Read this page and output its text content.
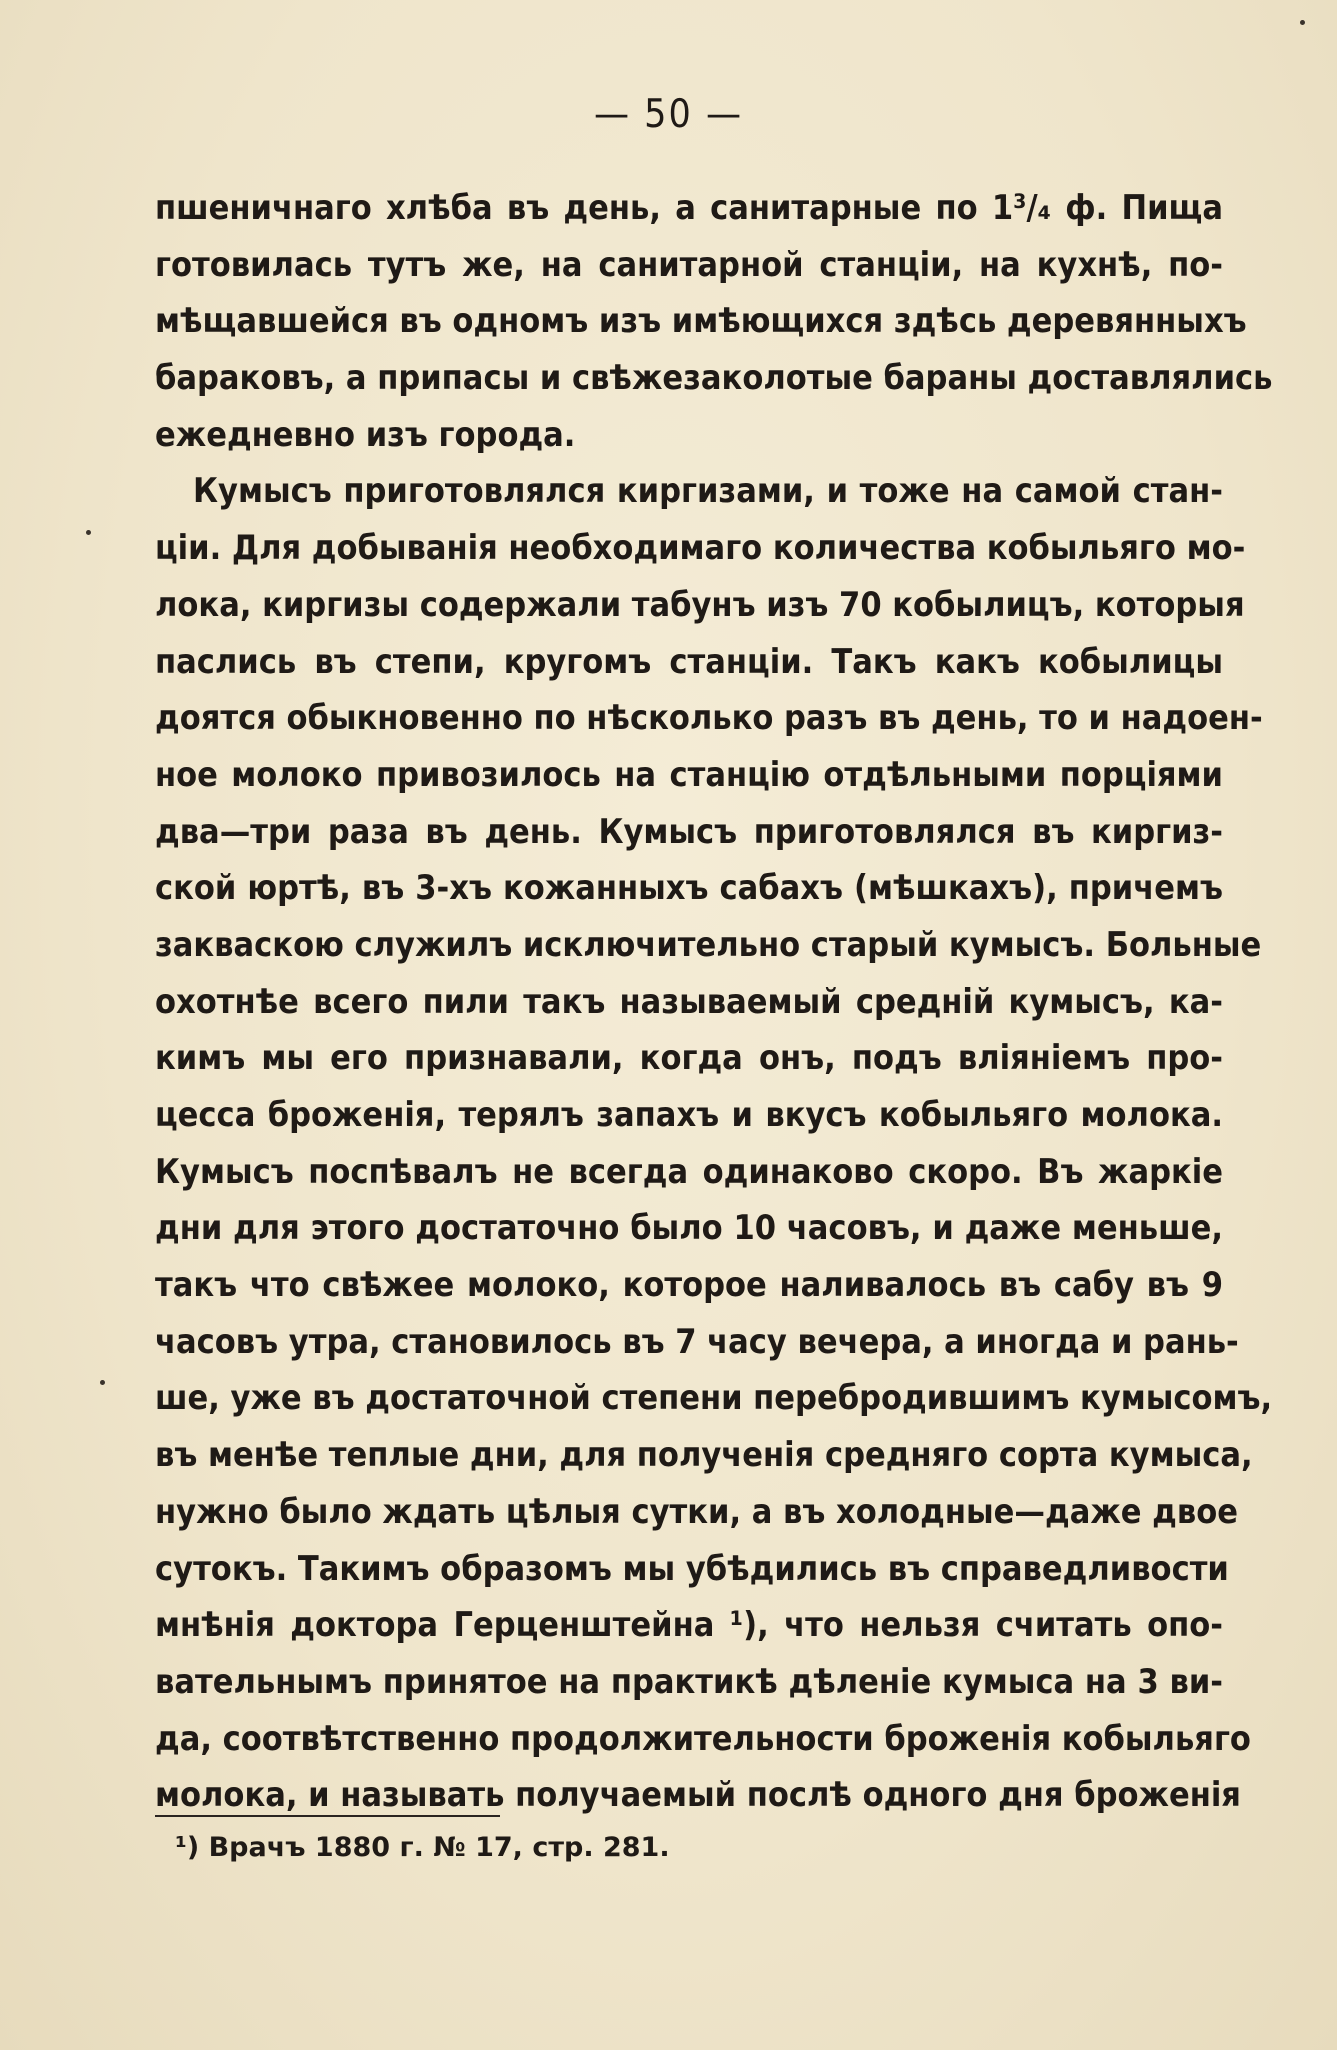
— 50 —
пшеничнаго хлѣба въ день, а санитарные по 1³/₄ ф. Пища
готовилась тутъ же, на санитарной станціи, на кухнѣ, по-
мѣщавшейся въ одномъ изъ имѣющихся здѣсь деревянныхъ
бараковъ, а припасы и свѣжезаколотые бараны доставлялись
ежедневно изъ города.
Кумысъ приготовлялся киргизами, и тоже на самой стан-
ціи. Для добыванія необходимаго количества кобыльяго мо-
лока, киргизы содержали табунъ изъ 70 кобылицъ, которыя
паслись въ степи, кругомъ станціи. Такъ какъ кобылицы
доятся обыкновенно по нѣсколько разъ въ день, то и надоен-
ное молоко привозилось на станцію отдѣльными порціями
два—три раза въ день. Кумысъ приготовлялся въ киргиз-
ской юртѣ, въ 3-хъ кожанныхъ сабахъ (мѣшкахъ), причемъ
закваскою служилъ исключительно старый кумысъ. Больные
охотнѣе всего пили такъ называемый среднiй кумысъ, ка-
кимъ мы его признавали, когда онъ, подъ вліяніемъ про-
цесса броженія, терялъ запахъ и вкусъ кобыльяго молока.
Кумысъ поспѣвалъ не всегда одинаково скоро. Въ жаркіе
дни для этого достаточно было 10 часовъ, и даже меньше,
такъ что свѣжее молоко, которое наливалось въ сабу въ 9
часовъ утра, становилось въ 7 часу вечера, а иногда и рань-
ше, уже въ достаточной степени перебродившимъ кумысомъ,
въ менѣе теплые дни, для полученія средняго сорта кумыса,
нужно было ждать цѣлыя сутки, а въ холодные—даже двое
сутокъ. Такимъ образомъ мы убѣдились въ справедливости
мнѣнія доктора Герценштейна ¹), что нельзя считать опо-
вательнымъ принятое на практикѣ дѣленіе кумыса на 3 ви-
да, соотвѣтственно продолжительности броженія кобыльяго
молока, и называть получаемый послѣ одного дня броженія
¹) Врачъ 1880 г. № 17, стр. 281.
